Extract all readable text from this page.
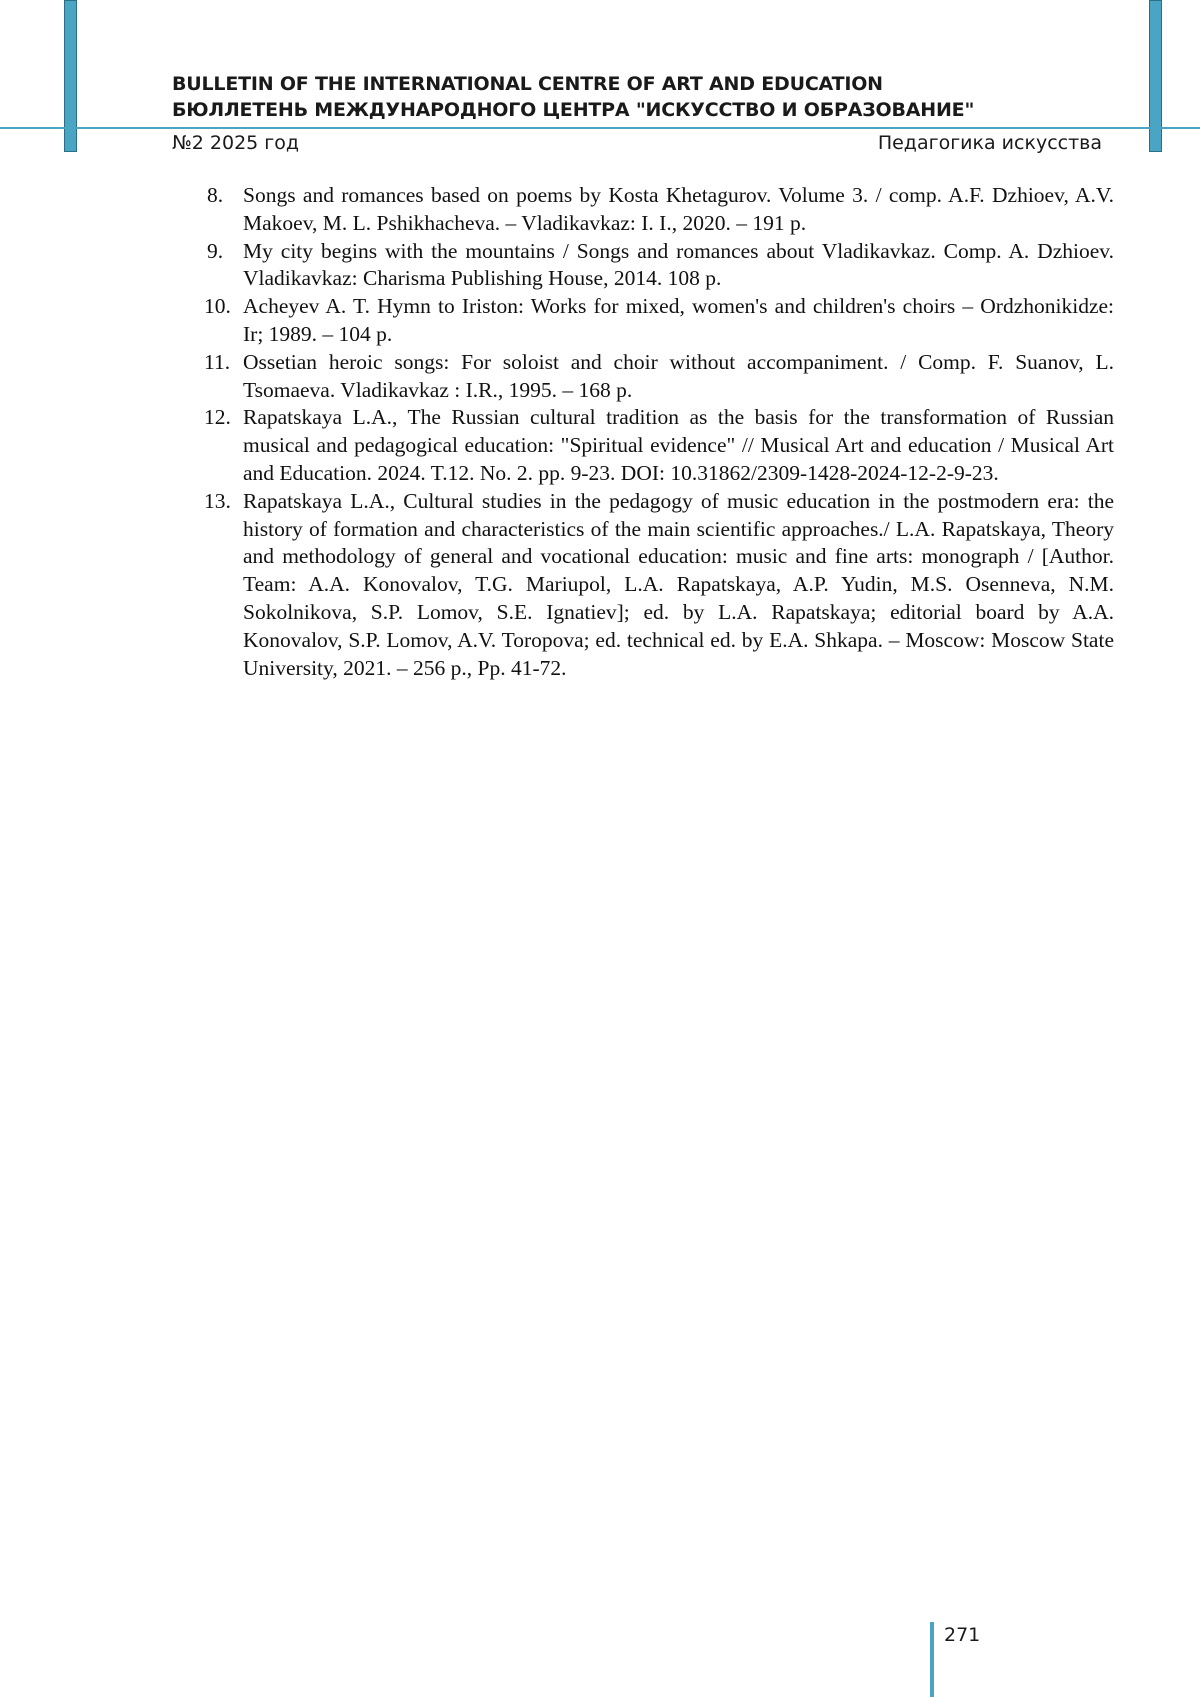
BULLETIN OF THE INTERNATIONAL CENTRE OF ART AND EDUCATION
БЮЛЛЕТЕНЬ МЕЖДУНАРОДНОГО ЦЕНТРА "ИСКУССТВО И ОБРАЗОВАНИЕ"
№2 2025 год	Педагогика искусства
8. Songs and romances based on poems by Kosta Khetagurov. Volume 3. / comp. A.F. Dzhioev, A.V. Makoev, M. L. Pshikhacheva. – Vladikavkaz: I. I., 2020. – 191 p.
9. My city begins with the mountains / Songs and romances about Vladikavkaz. Comp. A. Dzhioev. Vladikavkaz: Charisma Publishing House, 2014. 108 p.
10. Acheyev A. T. Hymn to Iriston: Works for mixed, women's and children's choirs – Ordzhonikidze: Ir; 1989. – 104 p.
11. Ossetian heroic songs: For soloist and choir without accompaniment. / Comp. F. Suanov, L. Tsomaeva. Vladikavkaz : I.R., 1995. – 168 p.
12. Rapatskaya L.A., The Russian cultural tradition as the basis for the transformation of Russian musical and pedagogical education: "Spiritual evidence" // Musical Art and education / Musical Art and Education. 2024. T.12. No. 2. pp. 9-23. DOI: 10.31862/2309-1428-2024-12-2-9-23.
13. Rapatskaya L.A., Cultural studies in the pedagogy of music education in the postmodern era: the history of formation and characteristics of the main scientific approaches./ L.A. Rapatskaya, Theory and methodology of general and vocational education: music and fine arts: monograph / [Author. Team: A.A. Konovalov, T.G. Mariupol, L.A. Rapatskaya, A.P. Yudin, M.S. Osenneva, N.M. Sokolnikova, S.P. Lomov, S.E. Ignatiev]; ed. by L.A. Rapatskaya; editorial board by A.A. Konovalov, S.P. Lomov, A.V. Toropova; ed. technical ed. by E.A. Shkapa. – Moscow: Moscow State University, 2021. – 256 p., Pp. 41-72.
271
